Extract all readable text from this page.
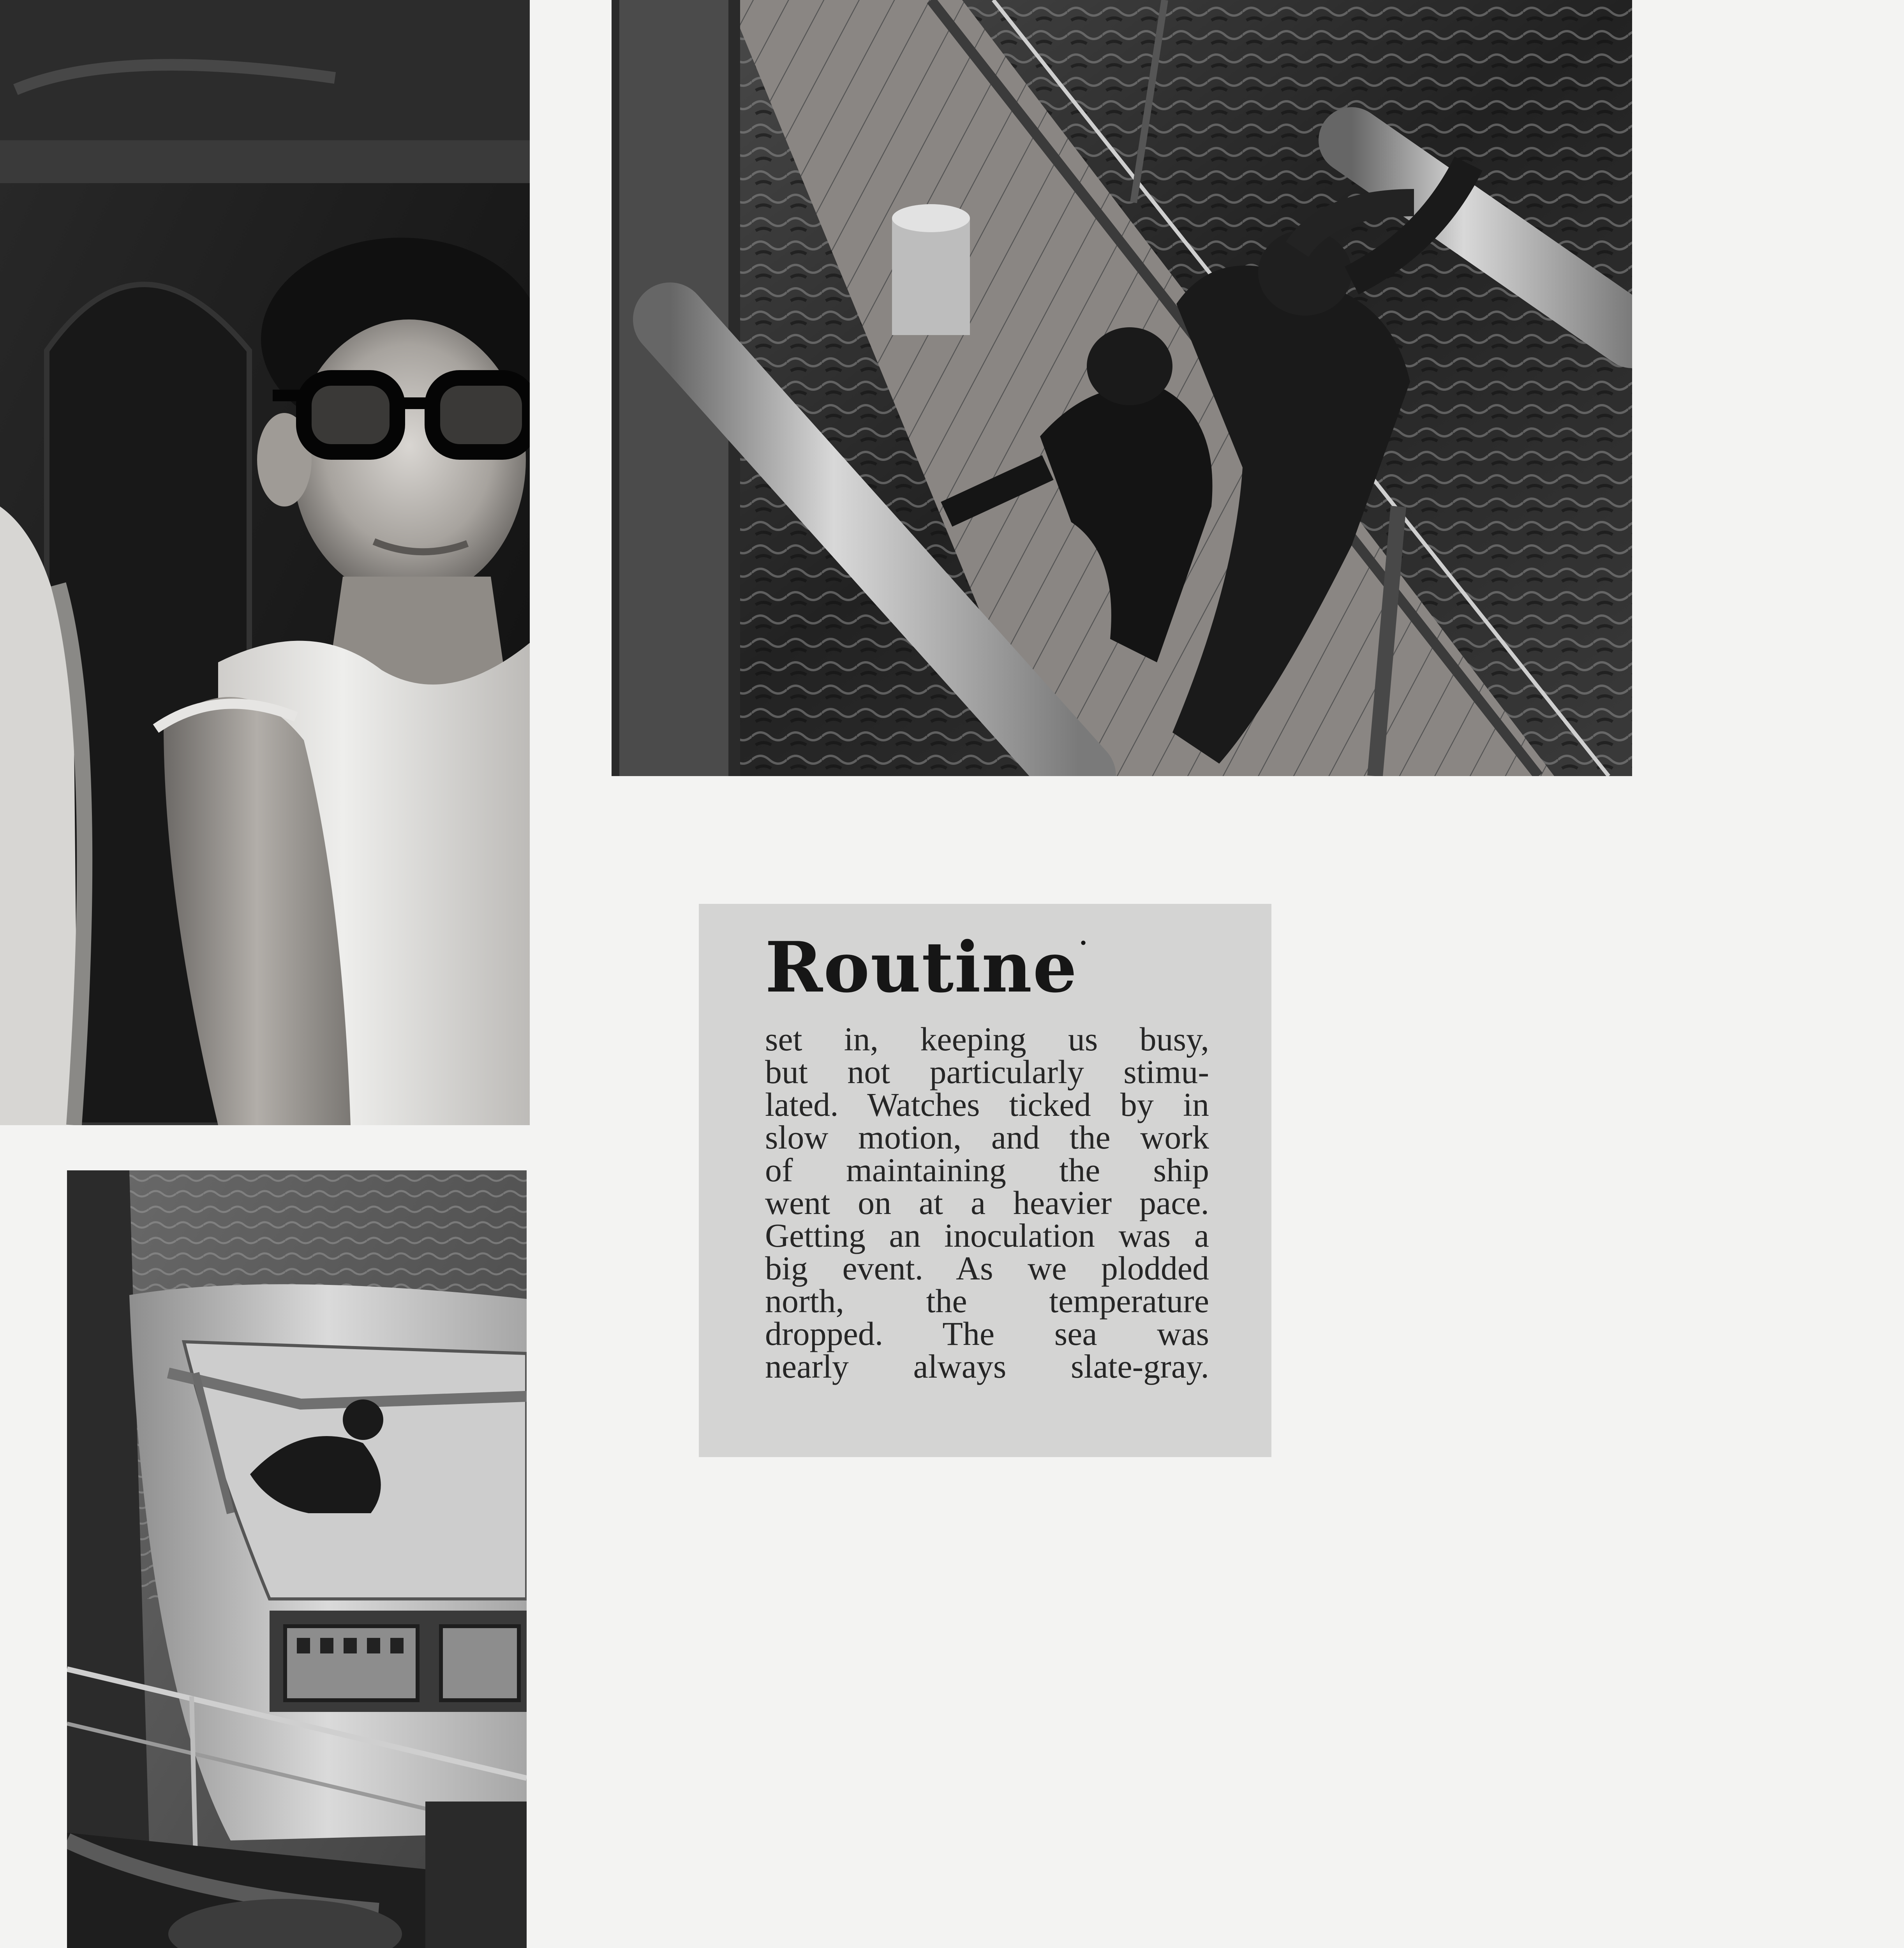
Routine ·
set in, keeping us busy,
but not particularly stimu-
lated. Watches ticked by in
slow motion, and the work
of maintaining the ship
went on at a heavier pace.
Getting an inoculation was a
big event. As we plodded
north, the temperature
dropped. The sea was
nearly always slate-gray.
